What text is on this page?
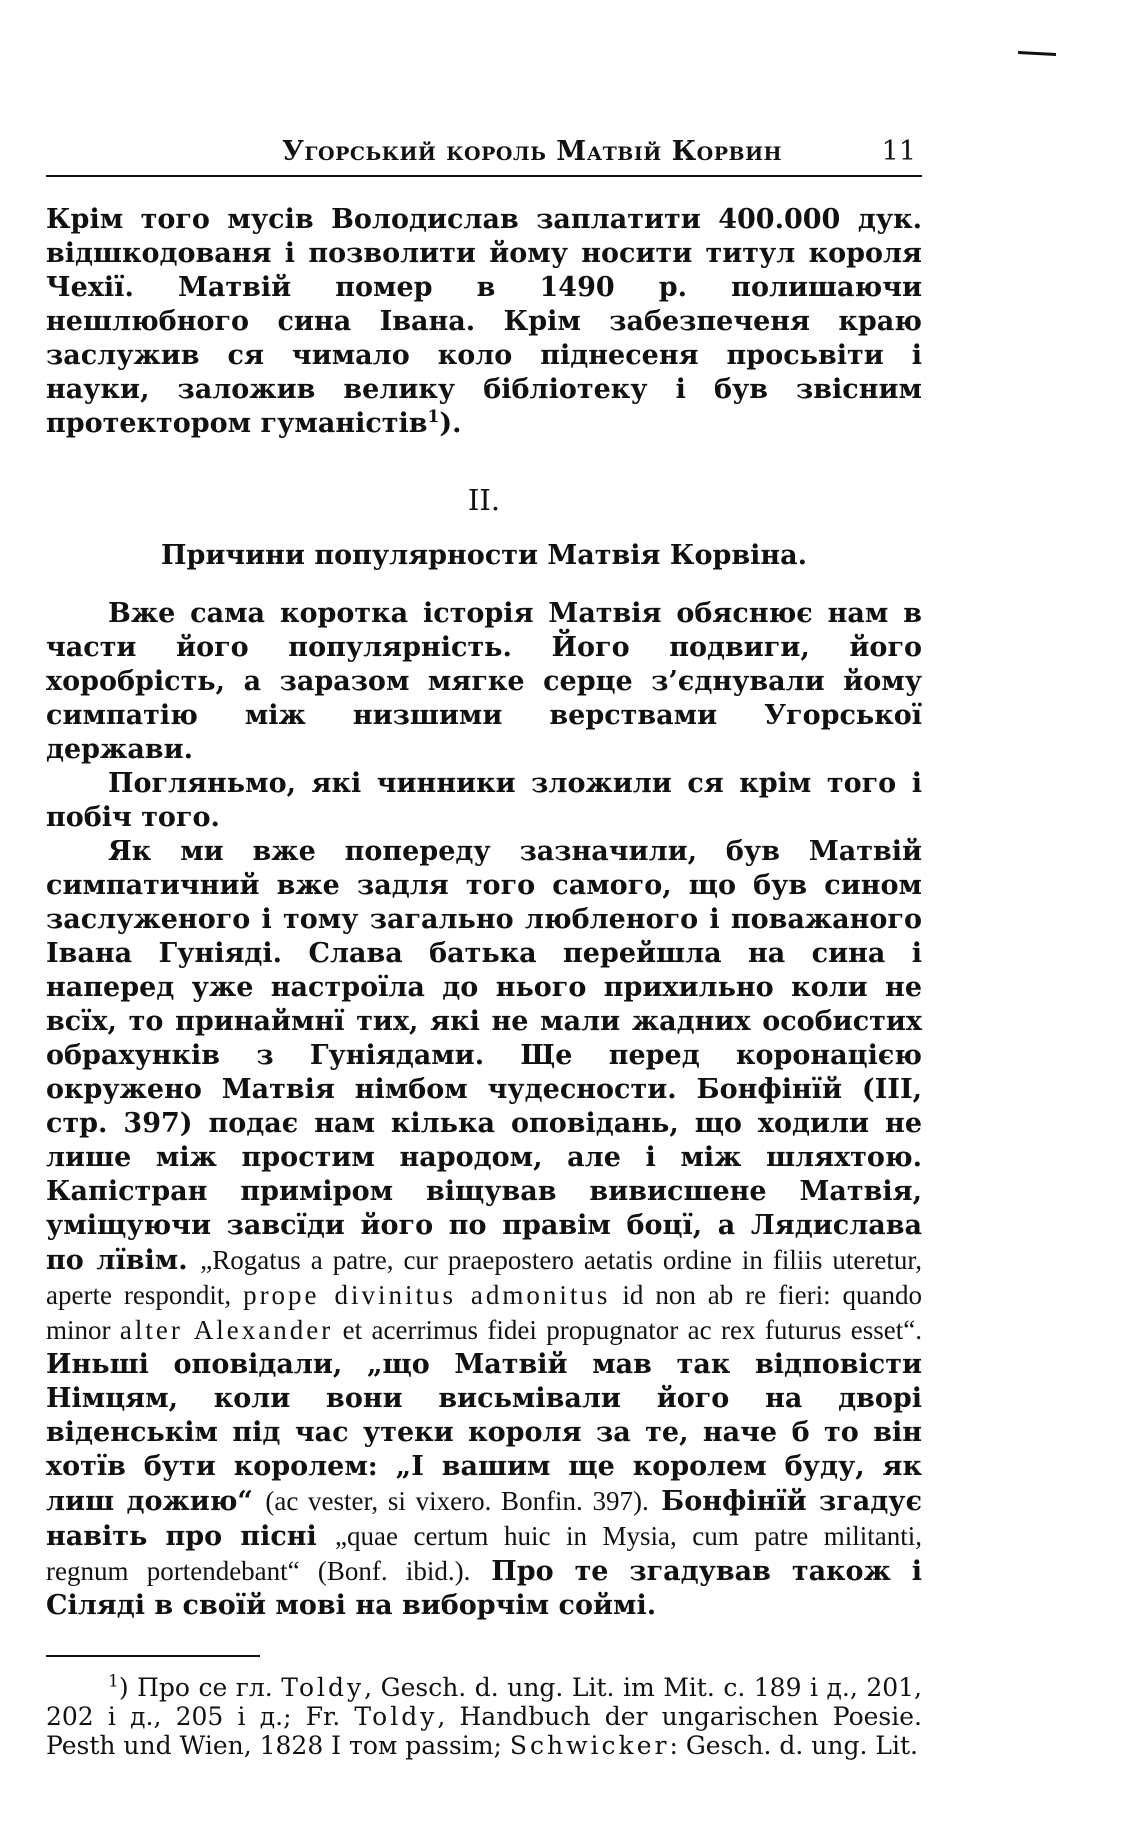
Угорський король Матвій Корвин	11

Крім того мусів Володислав заплатити 400.000 дук. відшкодованя і позволити йому носити титул короля Чехії. Матвій помер в 1490 р. полишаючи нешлюбного сина Івана. Крім забезпеченя краю заслужив ся чимало коло піднесеня просьвіти і науки, заложив велику бібліотеку і був звісним протектором гуманістів$^1$).

II.
Причини популярности Матвія Корвіна.

Вже сама коротка історія Матвія обяснює нам в части його популярність. Його подвиги, його хоробрість, а заразом мягке серце з’єднували йому симпатію між низшими верствами Угорської держави.

Погляньмо, які чинники зложили ся крім того і побіч того.

Як ми вже попереду зазначили, був Матвій симпатичний вже задля того самого, що був сином заслуженого і тому загально любленого і поважаного Івана Гуніяді. Слава батька перейшла на сина і наперед уже настроїла до нього прихильно коли не всїх, то принаймнї тих, які не мали жадних особистих обрахунків з Гуніядами. Ще перед коронацією окружено Матвія німбом чудесности. Бонфінїй (III, стр. 397) подає нам кілька оповідань, що ходили не лише між простим народом, але і між шляхтою. Капістран приміром віщував вивисшене Матвія, уміщуючи завсїди його по правім боцї, а Лядислава по лївім. „Rogatus a patre, cur praepostero aetatis ordine in filiis uteretur, aperte respondit, prope divinitus admonitus id non ab re fieri: quando minor alter Alexander et acerrimus fidei propugnator ac rex futurus esset“. Иньші оповідали, „що Матвій мав так відповісти Німцям, коли вони висьмівали його на дворі віденськім під час утеки короля за те, наче б то він хотїв бути королем: „I вашим ще королем буду, як лиш дожию“ (ac vester, si vixero. Bonfin. 397). Бонфінїй згадує навіть про пісні „quae certum huic in Mysia, cum patre militanti, regnum portendebant“ (Bonf. ibid.). Про те згадував також і Сіляді в своїй мові на виборчім соймі.

$^1$) Про се гл. Toldy, Gesch. d. ung. Lit. im Mit. c. 189 і д., 201, 202 і д., 205 і д.; Fr. Toldy, Handbuch der ungarischen Poesie. Pesth und Wien, 1828 I том passim; Schwicker: Gesch. d. ung. Lit.
